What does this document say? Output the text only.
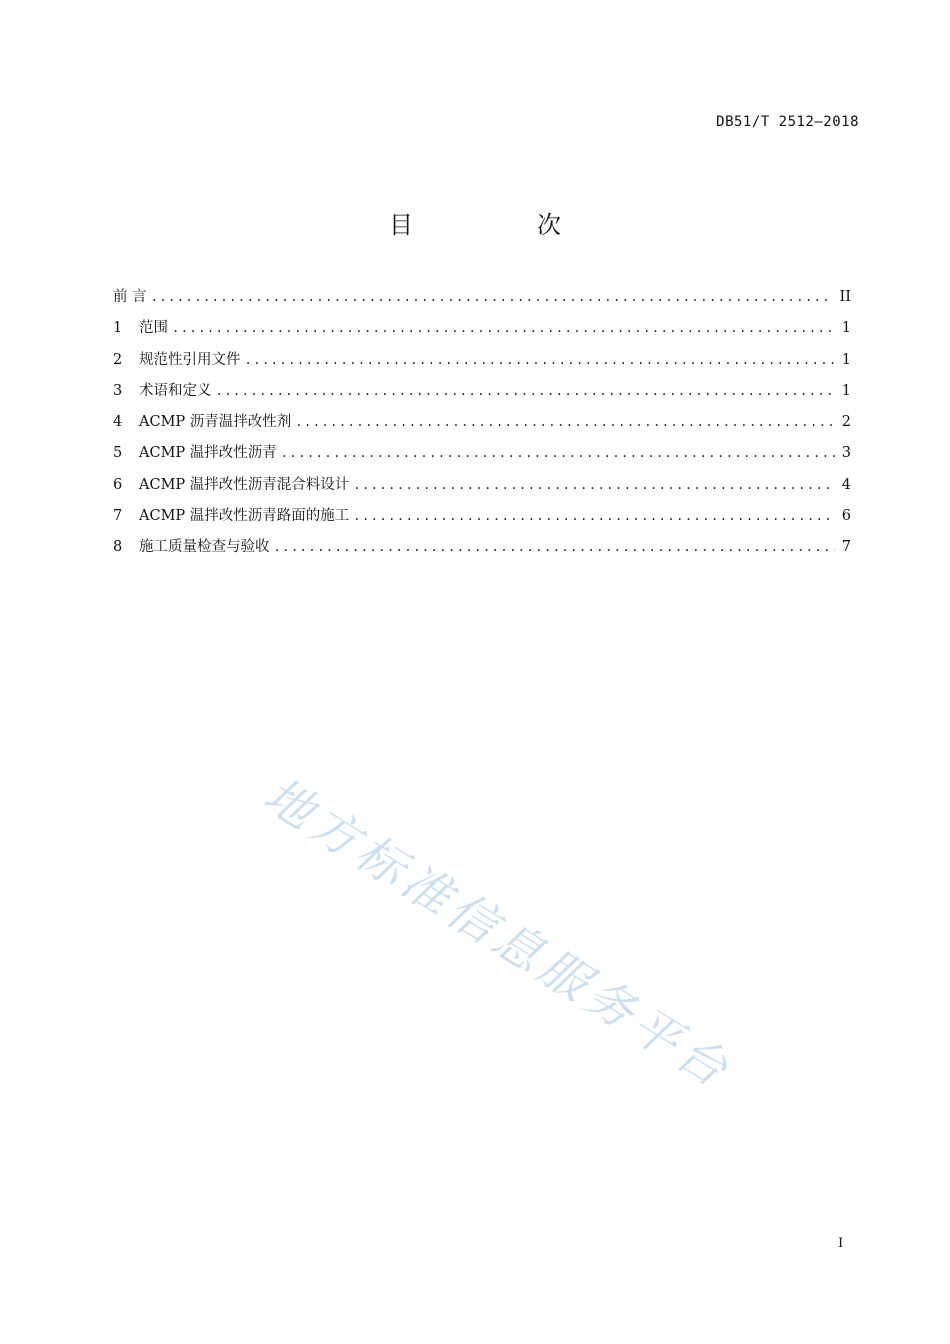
DB51/T 2512—2018
目　次
前 言 .....	II
1	范围 .....	1
2	规范性引用文件 .....	1
3	术语和定义 .....	1
4	ACMP 沥青温拌改性剂 .....	2
5	ACMP 温拌改性沥青 .....	3
6	ACMP 温拌改性沥青混合料设计 .....	4
7	ACMP 温拌改性沥青路面的施工 .....	6
8	施工质量检查与验收 .....	7
地方标准信息服务平台
I
